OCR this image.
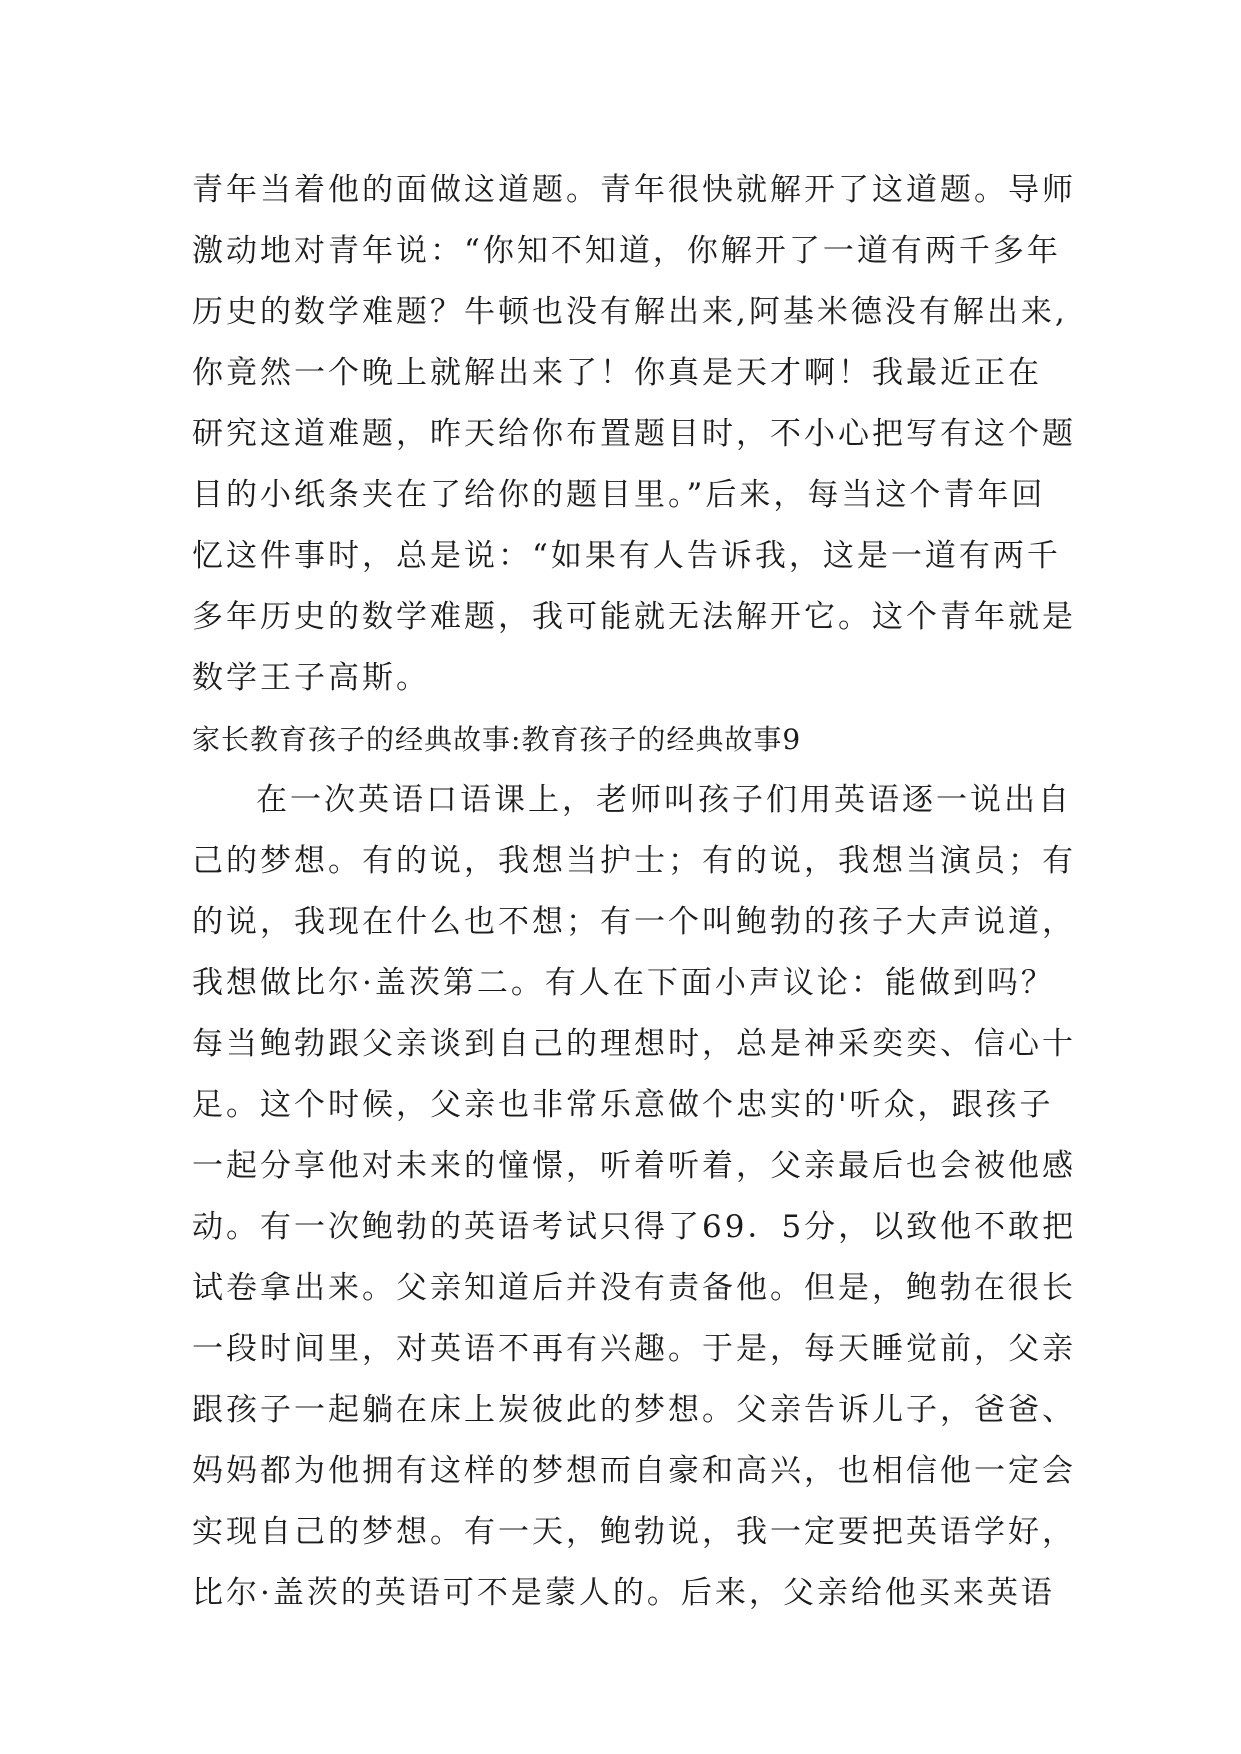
青年当着他的面做这道题。青年很快就解开了这道题。导师
激动地对青年说：“你知不知道，你解开了一道有两千多年
历史的数学难题？牛顿也没有解出来,阿基米德没有解出来,
你竟然一个晚上就解出来了！你真是天才啊！我最近正在
研究这道难题，昨天给你布置题目时，不小心把写有这个题
目的小纸条夹在了给你的题目里。”后来，每当这个青年回
忆这件事时，总是说：“如果有人告诉我，这是一道有两千
多年历史的数学难题，我可能就无法解开它。这个青年就是
数学王子高斯。
家长教育孩子的经典故事:教育孩子的经典故事9
在一次英语口语课上，老师叫孩子们用英语逐一说出自
己的梦想。有的说，我想当护士；有的说，我想当演员；有
的说，我现在什么也不想；有一个叫鲍勃的孩子大声说道，
我想做比尔·盖茨第二。有人在下面小声议论：能做到吗？
每当鲍勃跟父亲谈到自己的理想时，总是神采奕奕、信心十
足。这个时候，父亲也非常乐意做个忠实的'听众，跟孩子
一起分享他对未来的憧憬，听着听着，父亲最后也会被他感
动。有一次鲍勃的英语考试只得了69．5分，以致他不敢把
试卷拿出来。父亲知道后并没有责备他。但是，鲍勃在很长
一段时间里，对英语不再有兴趣。于是，每天睡觉前，父亲
跟孩子一起躺在床上炭彼此的梦想。父亲告诉儿子，爸爸、
妈妈都为他拥有这样的梦想而自豪和高兴，也相信他一定会
实现自己的梦想。有一天，鲍勃说，我一定要把英语学好，
比尔·盖茨的英语可不是蒙人的。后来，父亲给他买来英语
